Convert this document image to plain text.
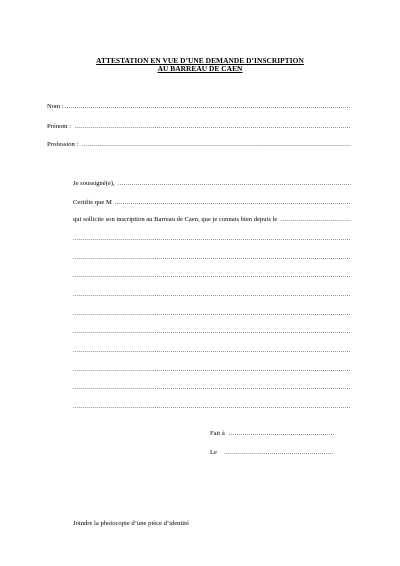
ATTESTATION EN VUE D’UNE DEMANDE D’INSCRIPTION
AU BARREAU DE CAEN
Nom :
.....
Prénom :
.....
Profession :
.....
Je soussigné(e),
.....
Certifie que M
.....
qui sollicite son inscription au Barreau de Caen, que je connais bien depuis le
.....
.....
.....
.....
.....
.....
.....
.....
.....
.....
.....
Fait à
.....
Le
.....
Joindre la photocopie d’une pièce d’identité
